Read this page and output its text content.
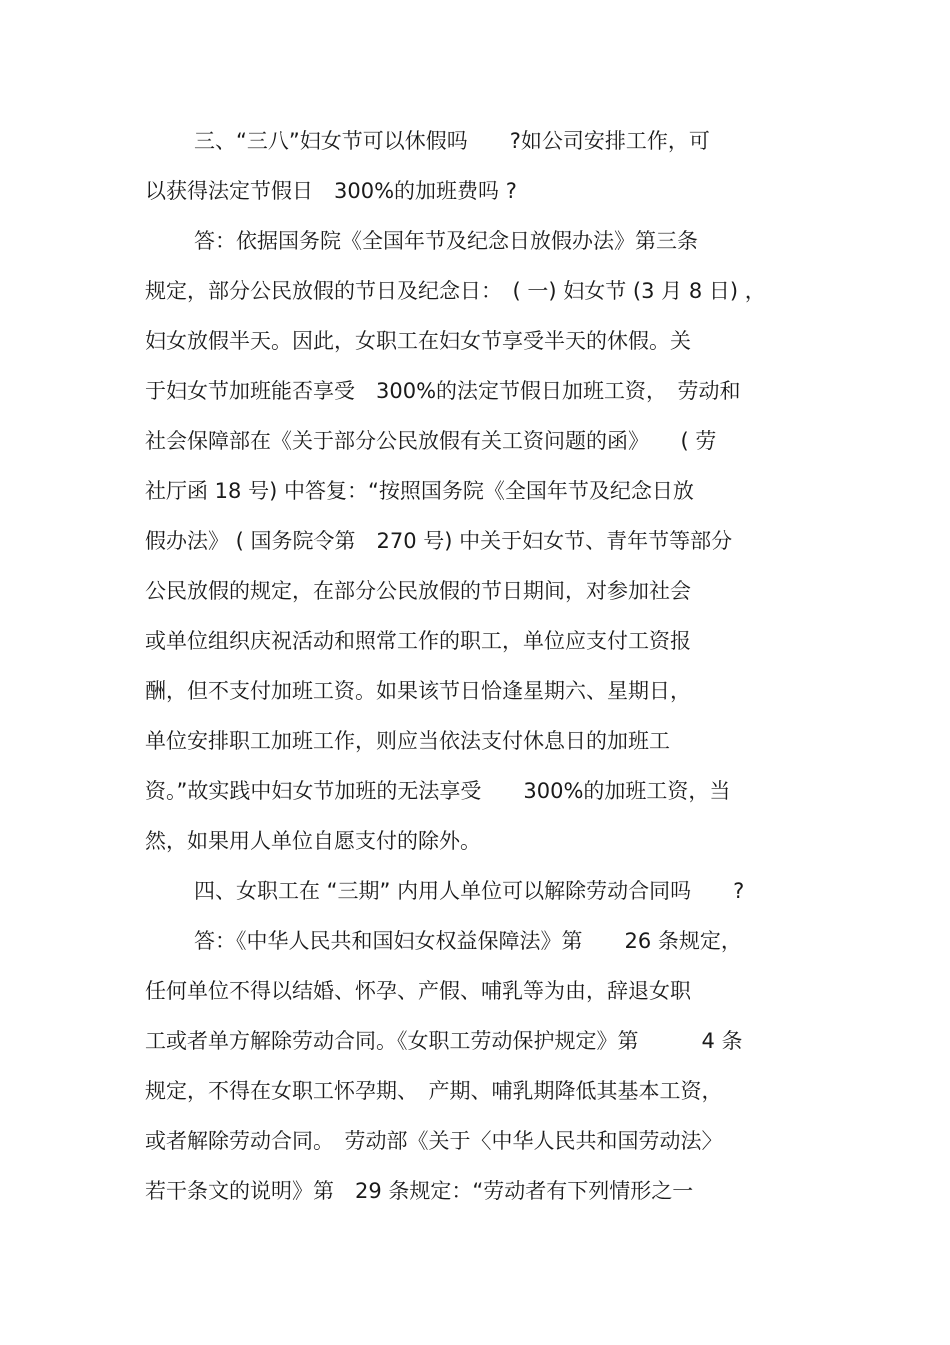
三、“三八”妇女节可以休假吗　　?如公司安排工作，可
以获得法定节假日　300%的加班费吗 ?
答：依据国务院《全国年节及纪念日放假办法》第三条
规定，部分公民放假的节日及纪念日：　( 一) 妇女节 (3 月 8 日) ，
妇女放假半天。因此，女职工在妇女节享受半天的休假。关
于妇女节加班能否享受　300%的法定节假日加班工资，　劳动和
社会保障部在《关于部分公民放假有关工资问题的函》　　( 劳
社厅函 18 号) 中答复：“按照国务院《全国年节及纪念日放
假办法》 ( 国务院令第　270 号) 中关于妇女节、青年节等部分
公民放假的规定，在部分公民放假的节日期间，对参加社会
或单位组织庆祝活动和照常工作的职工，单位应支付工资报
酬，但不支付加班工资。如果该节日恰逢星期六、星期日，
单位安排职工加班工作，则应当依法支付休息日的加班工
资。”故实践中妇女节加班的无法享受　　300%的加班工资，当
然，如果用人单位自愿支付的除外。
四、女职工在 “三期” 内用人单位可以解除劳动合同吗　　?
答：《中华人民共和国妇女权益保障法》第　　26 条规定，
任何单位不得以结婚、怀孕、产假、哺乳等为由，辞退女职
工或者单方解除劳动合同。《女职工劳动保护规定》第　　　4 条
规定，不得在女职工怀孕期、　产期、哺乳期降低其基本工资，
或者解除劳动合同。　劳动部《关于〈中华人民共和国劳动法〉
若干条文的说明》第　29 条规定：“劳动者有下列情形之一
